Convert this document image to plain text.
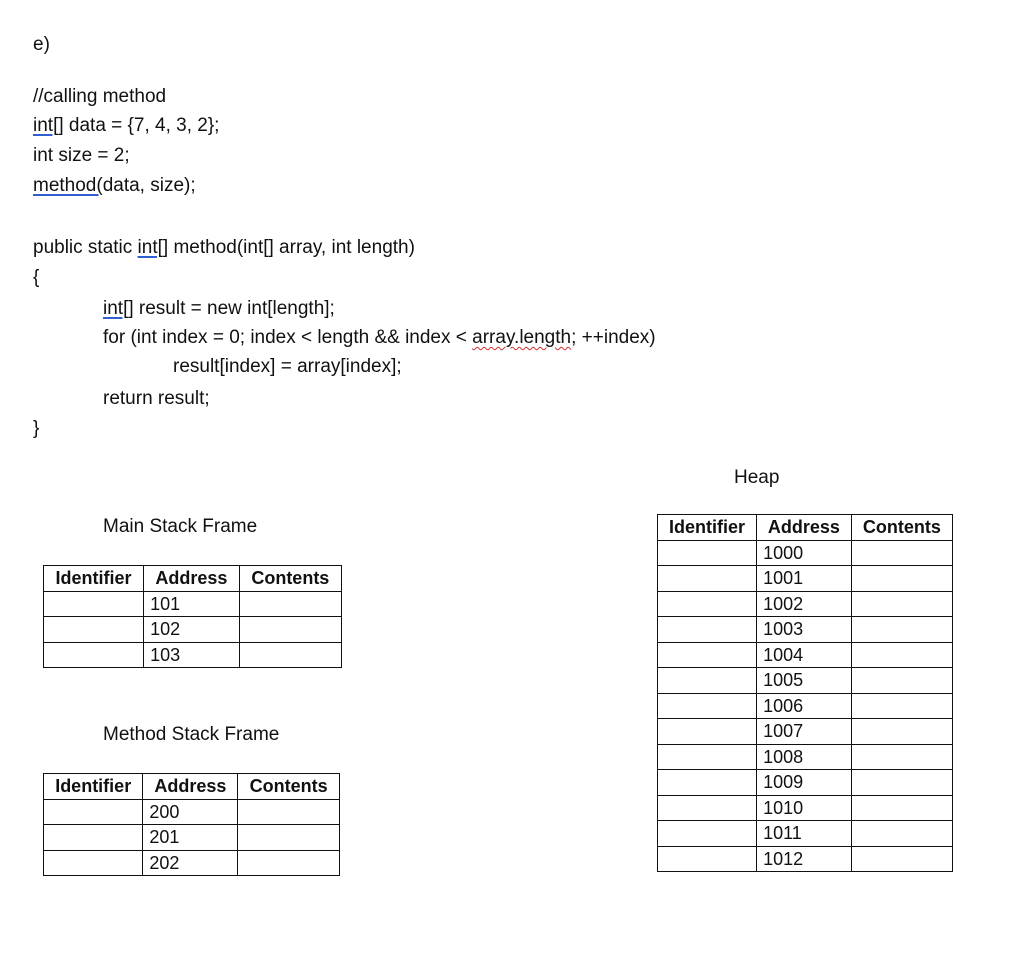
e)
//calling method
int[] data = {7, 4, 3, 2};
int size = 2;
method(data, size);
public static int[] method(int[] array, int length)
{
int[] result = new int[length];
for (int index = 0; index < length && index < array.length; ++index)
result[index] = array[index];
return result;
}
Main Stack Frame
Identifier	Address	Contents
	101	
	102	
	103	
Method Stack Frame
Identifier	Address	Contents
	200	
	201	
	202	
Heap
Identifier	Address	Contents
	1000	
	1001	
	1002	
	1003	
	1004	
	1005	
	1006	
	1007	
	1008	
	1009	
	1010	
	1011	
	1012	
